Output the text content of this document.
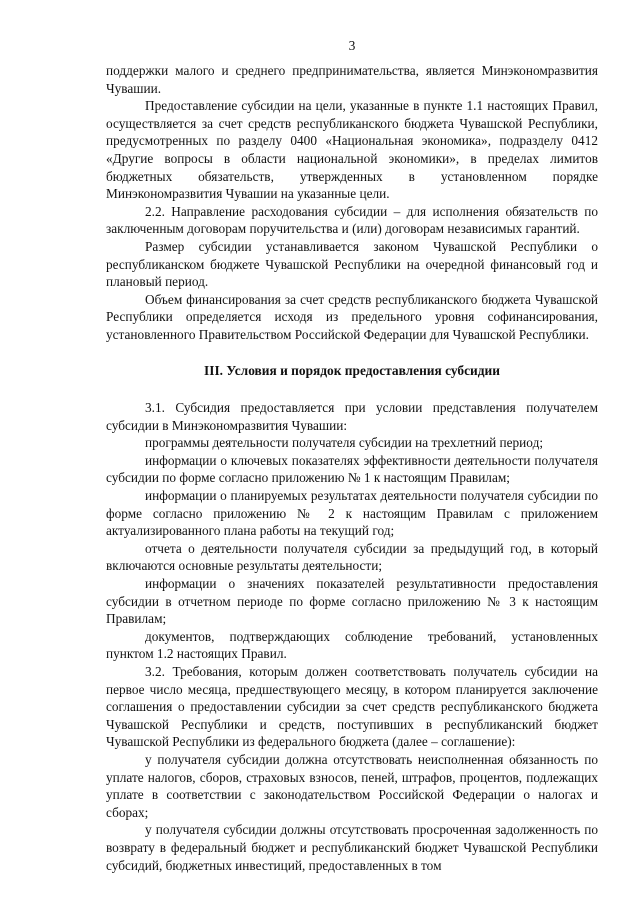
3

поддержки малого и среднего предпринимательства, является Минэкономразвития Чувашии.

Предоставление субсидии на цели, указанные в пункте 1.1 настоящих Правил, осуществляется за счет средств республиканского бюджета Чувашской Республики, предусмотренных по разделу 0400 «Национальная экономика», подразделу 0412 «Другие вопросы в области национальной экономики», в пределах лимитов бюджетных обязательств, утвержденных в установленном порядке Минэкономразвития Чувашии на указанные цели.

2.2. Направление расходования субсидии – для исполнения обязательств по заключенным договорам поручительства и (или) договорам независимых гарантий.

Размер субсидии устанавливается законом Чувашской Республики о республиканском бюджете Чувашской Республики на очередной финансовый год и плановый период.

Объем финансирования за счет средств республиканского бюджета Чувашской Республики определяется исходя из предельного уровня софинансирования, установленного Правительством Российской Федерации для Чувашской Республики.

III. Условия и порядок предоставления субсидии

3.1. Субсидия предоставляется при условии представления получателем субсидии в Минэкономразвития Чувашии:

программы деятельности получателя субсидии на трехлетний период;

информации о ключевых показателях эффективности деятельности получателя субсидии по форме согласно приложению № 1 к настоящим Правилам;

информации о планируемых результатах деятельности получателя субсидии по форме согласно приложению № 2 к настоящим Правилам с приложением актуализированного плана работы на текущий год;

отчета о деятельности получателя субсидии за предыдущий год, в который включаются основные результаты деятельности;

информации о значениях показателей результативности предоставления субсидии в отчетном периоде по форме согласно приложению № 3 к настоящим Правилам;

документов, подтверждающих соблюдение требований, установленных пунктом 1.2 настоящих Правил.

3.2. Требования, которым должен соответствовать получатель субсидии на первое число месяца, предшествующего месяцу, в котором планируется заключение соглашения о предоставлении субсидии за счет средств республиканского бюджета Чувашской Республики и средств, поступивших в республиканский бюджет Чувашской Республики из федерального бюджета (далее – соглашение):

у получателя субсидии должна отсутствовать неисполненная обязанность по уплате налогов, сборов, страховых взносов, пеней, штрафов, процентов, подлежащих уплате в соответствии с законодательством Российской Федерации о налогах и сборах;

у получателя субсидии должны отсутствовать просроченная задолженность по возврату в федеральный бюджет и республиканский бюджет Чувашской Республики субсидий, бюджетных инвестиций, предоставленных в том
